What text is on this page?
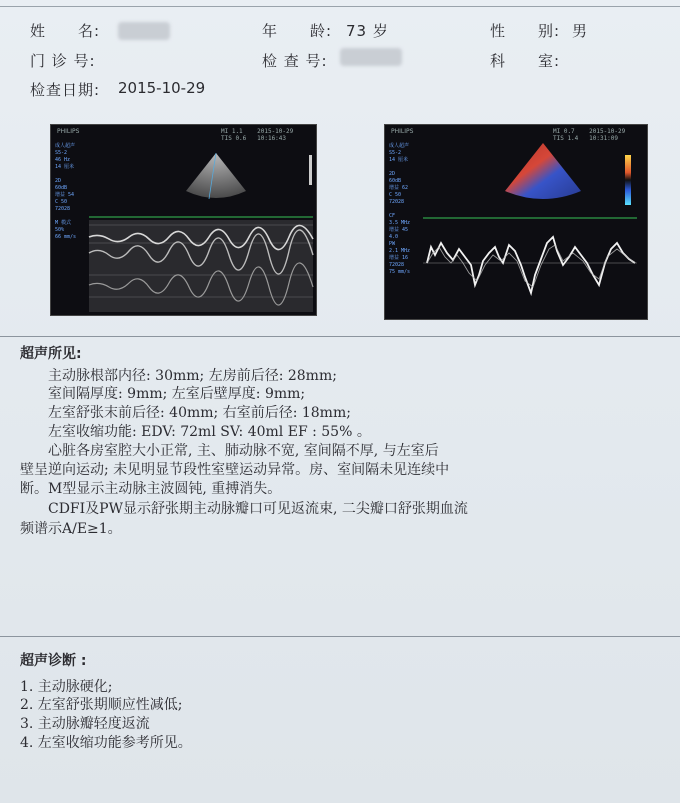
姓　　名:	年　　龄: 73 岁	性　　别: 男
门 诊 号:	检 查 号:	科　　室:
检查日期: 2015-10-29
PHILIPS	MI 1.1    2015-10-29
TIS 0.6   10:16:43
成人超声
S5-2
46 Hz
14 厘米

2D
60dB
增益 54
C 50
72028

M 模式
50%
66 mm/s
PHILIPS	MI 0.7    2015-10-29
TIS 1.4   10:31:09
成人超声
S5-2
14 厘米

2D
60dB
增益 62
C 50
72028

CF
3.5 MHz
增益 45
4.0
PW
2.1 MHz
增益 16
72028
75 mm/s
超声所见:
　　主动脉根部内径: 30mm; 左房前后径: 28mm;
　　室间隔厚度: 9mm; 左室后壁厚度: 9mm;
　　左室舒张末前后径: 40mm; 右室前后径: 18mm;
　　左室收缩功能: EDV: 72ml SV: 40ml EF : 55% 。
　　心脏各房室腔大小正常, 主、肺动脉不宽, 室间隔不厚, 与左室后
壁呈逆向运动; 未见明显节段性室壁运动异常。房、室间隔未见连续中
断。M型显示主动脉主波圆钝, 重搏消失。
　　CDFI及PW显示舒张期主动脉瓣口可见返流束, 二尖瓣口舒张期血流
频谱示A/E≥1。
超声诊断 :
1. 主动脉硬化;
2. 左室舒张期顺应性减低;
3. 主动脉瓣轻度返流
4. 左室收缩功能参考所见。
